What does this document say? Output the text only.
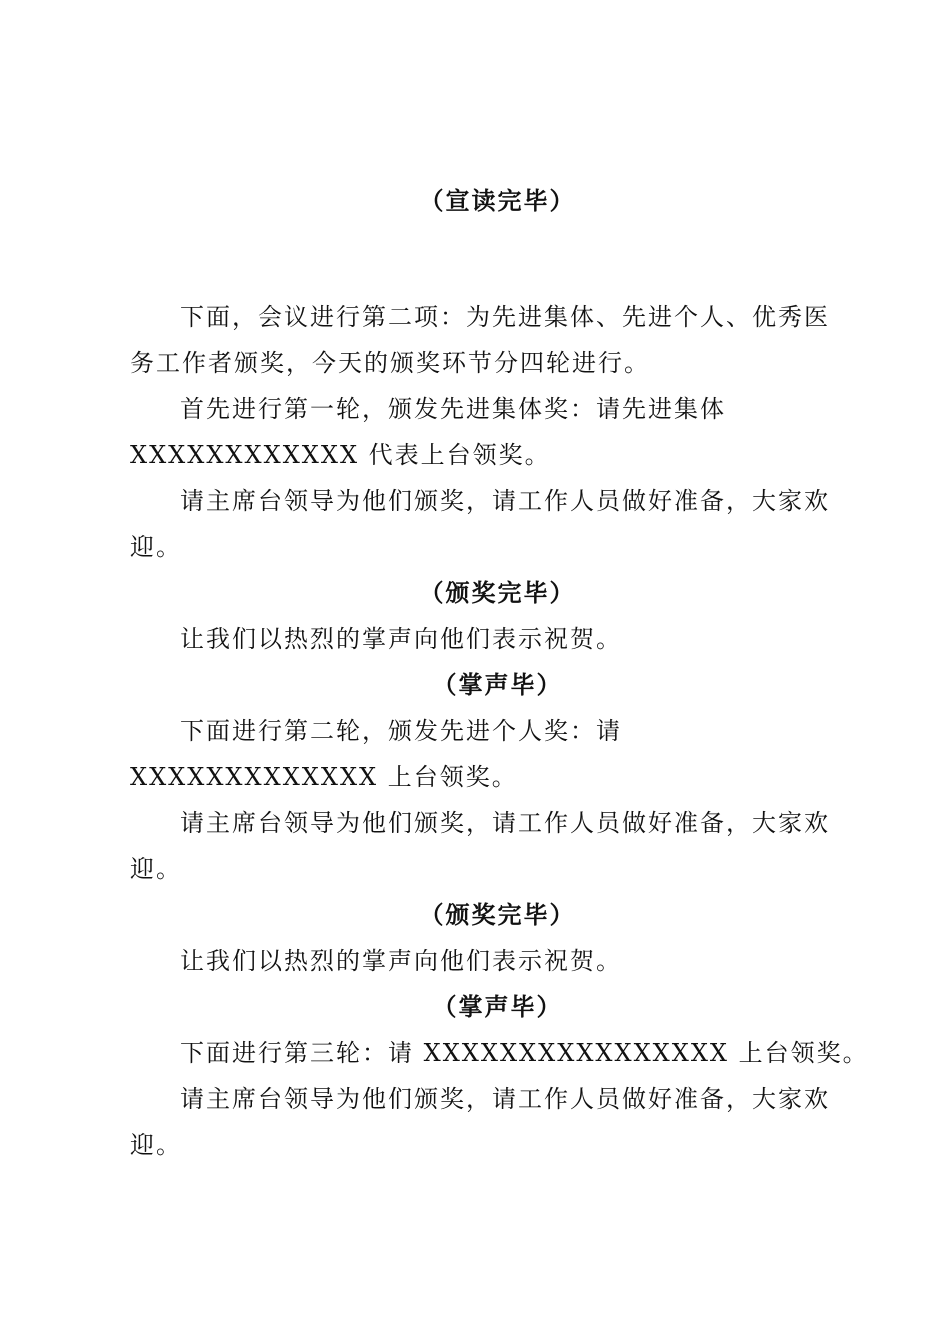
（宣读完毕）

下面，会议进行第二项：为先进集体、先进个人、优秀医务工作者颁奖，今天的颁奖环节分四轮进行。

首先进行第一轮，颁发先进集体奖：请先进集体

XXXXXXXXXXXX 代表上台领奖。

请主席台领导为他们颁奖，请工作人员做好准备，大家欢迎。

（颁奖完毕）

让我们以热烈的掌声向他们表示祝贺。

（掌声毕）

下面进行第二轮，颁发先进个人奖：请

XXXXXXXXXXXXX 上台领奖。

请主席台领导为他们颁奖，请工作人员做好准备，大家欢迎。

（颁奖完毕）

让我们以热烈的掌声向他们表示祝贺。

（掌声毕）

下面进行第三轮：请 XXXXXXXXXXXXXXXX 上台领奖。

请主席台领导为他们颁奖，请工作人员做好准备，大家欢迎。
